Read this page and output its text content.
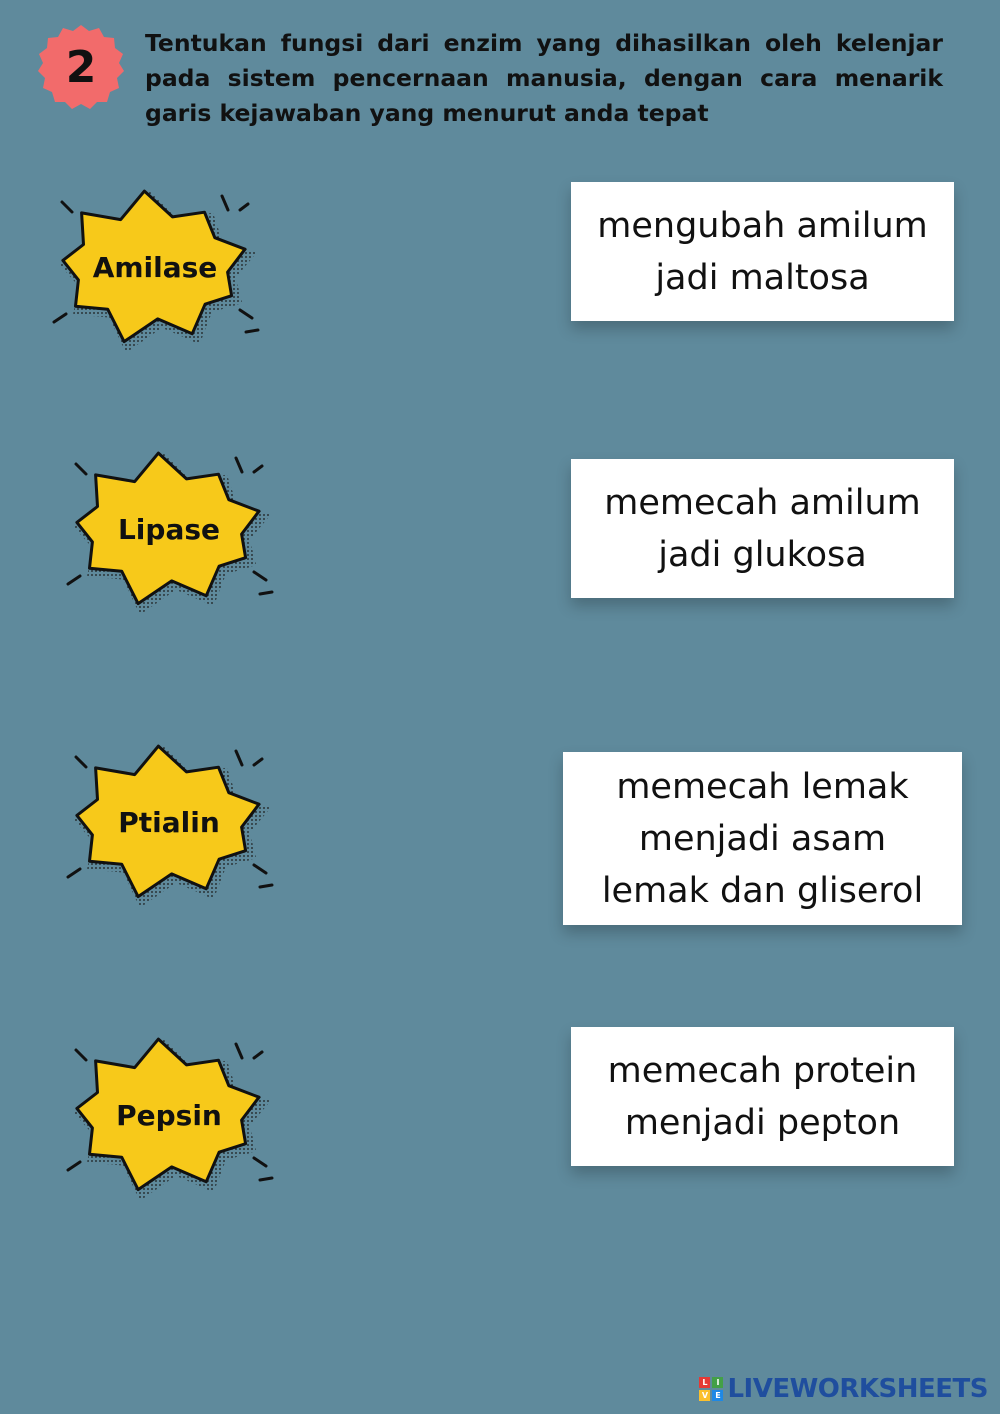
2	Tentukan fungsi dari enzim yang dihasilkan oleh kelenjar pada sistem pencernaan manusia, dengan cara menarik garis kejawaban yang menurut anda tepat

Amilase
Lipase
Ptialin
Pepsin
mengubah amilum
jadi maltosa
memecah amilum
jadi glukosa
memecah lemak
menjadi asam
lemak dan gliserol
memecah protein
menjadi pepton
L	I
V E LIVEWORKSHEETS
